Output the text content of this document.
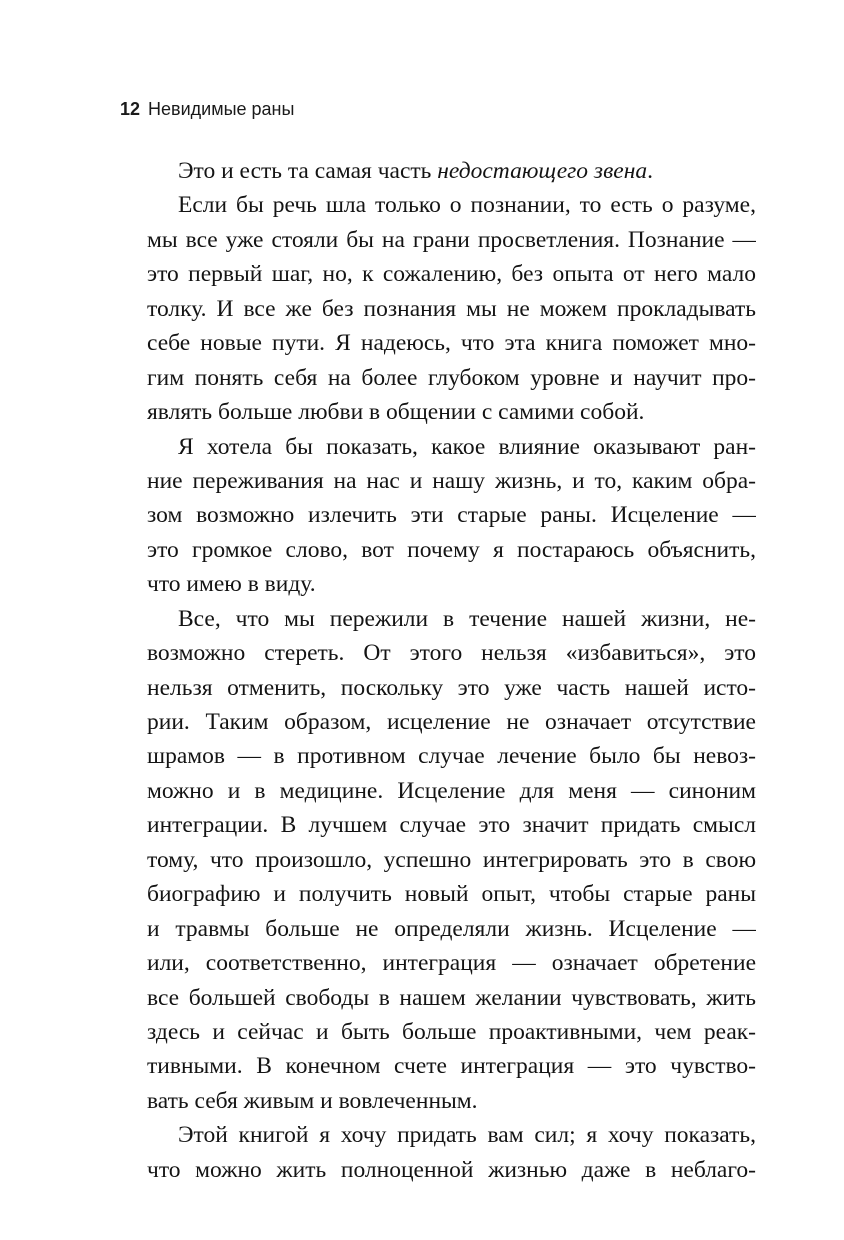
12 Невидимые раны
Это и есть та самая часть недостающего звена.
Если бы речь шла только о познании, то есть о разуме,
мы все уже стояли бы на грани просветления. Познание —
это первый шаг, но, к сожалению, без опыта от него мало
толку. И все же без познания мы не можем прокладывать
себе новые пути. Я надеюсь, что эта книга поможет мно-
гим понять себя на более глубоком уровне и научит про-
являть больше любви в общении с самими собой.
Я хотела бы показать, какое влияние оказывают ран-
ние переживания на нас и нашу жизнь, и то, каким обра-
зом возможно излечить эти старые раны. Исцеление —
это громкое слово, вот почему я постараюсь объяснить,
что имею в виду.
Все, что мы пережили в течение нашей жизни, не-
возможно стереть. От этого нельзя «избавиться», это
нельзя отменить, поскольку это уже часть нашей исто-
рии. Таким образом, исцеление не означает отсутствие
шрамов — в противном случае лечение было бы невоз-
можно и в медицине. Исцеление для меня — синоним
интеграции. В лучшем случае это значит придать смысл
тому, что произошло, успешно интегрировать это в свою
биографию и получить новый опыт, чтобы старые раны
и травмы больше не определяли жизнь. Исцеление —
или, соответственно, интеграция — означает обретение
все большей свободы в нашем желании чувствовать, жить
здесь и сейчас и быть больше проактивными, чем реак-
тивными. В конечном счете интеграция — это чувство-
вать себя живым и вовлеченным.
Этой книгой я хочу придать вам сил; я хочу показать,
что можно жить полноценной жизнью даже в неблаго-
